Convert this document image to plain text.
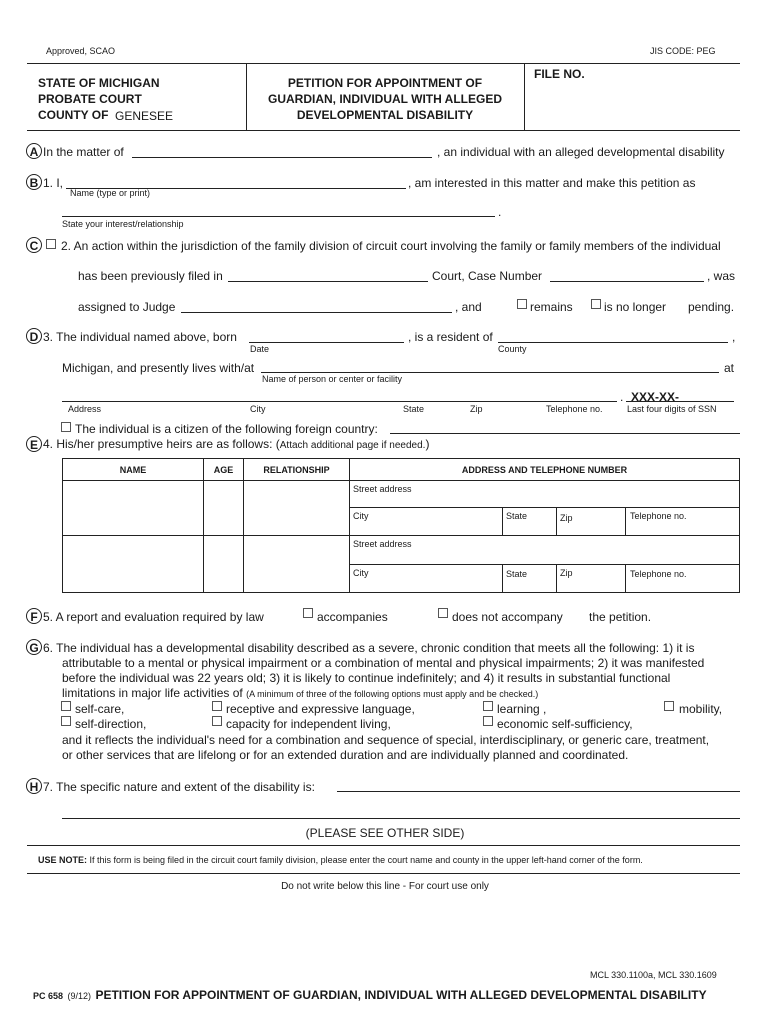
Approved, SCAO	JIS CODE: PEG
STATE OF MICHIGAN
PROBATE COURT
COUNTY OF GENESEE
PETITION FOR APPOINTMENT OF
GUARDIAN, INDIVIDUAL WITH ALLEGED
DEVELOPMENTAL DISABILITY
FILE NO.
A In the matter of	, an individual with an alleged developmental disability
B 1. I,	, am interested in this matter and make this petition as
Name (type or print)
.
State your interest/relationship
C	2. An action within the jurisdiction of the family division of circuit court involving the family or family members of the individual
has been previously filed in	Court, Case Number	, was
assigned to Judge	, and	remains	is no longer pending.
D 3. The individual named above, born	, is a resident of	,
Date	County
Michigan, and presently lives with/at	at
Name of person or center or facility
. XXX-XX-
Address	City	State	Zip	Telephone no.	Last four digits of SSN
The individual is a citizen of the following foreign country:
E 4. His/her presumptive heirs are as follows: (Attach additional page if needed.)
NAME	AGE	RELATIONSHIP	ADDRESS AND TELEPHONE NUMBER

			Street address

			City State Zip Telephone no.

			Street address

			City State Zip Telephone no.
F 5. A report and evaluation required by law	accompanies	does not accompany the petition.
G 6. The individual has a developmental disability described as a severe, chronic condition that meets all the following: 1) it is
attributable to a mental or physical impairment or a combination of mental and physical impairments; 2) it was manifested
before the individual was 22 years old; 3) it is likely to continue indefinitely; and 4) it results in substantial functional
limitations in major life activities of (A minimum of three of the following options must apply and be checked.)
self-care,	receptive and expressive language,	learning ,	mobility,
self-direction,	capacity for independent living,	economic self-sufficiency,
and it reflects the individual's need for a combination and sequence of special, interdisciplinary, or generic care, treatment,
or other services that are lifelong or for an extended duration and are individually planned and coordinated.
H 7. The specific nature and extent of the disability is:
(PLEASE SEE OTHER SIDE)
USE NOTE: If this form is being filed in the circuit court family division, please enter the court name and county in the upper left-hand corner of the form.
Do not write below this line - For court use only
MCL 330.1100a, MCL 330.1609
PC 658 (9/12) PETITION FOR APPOINTMENT OF GUARDIAN, INDIVIDUAL WITH ALLEGED DEVELOPMENTAL DISABILITY
